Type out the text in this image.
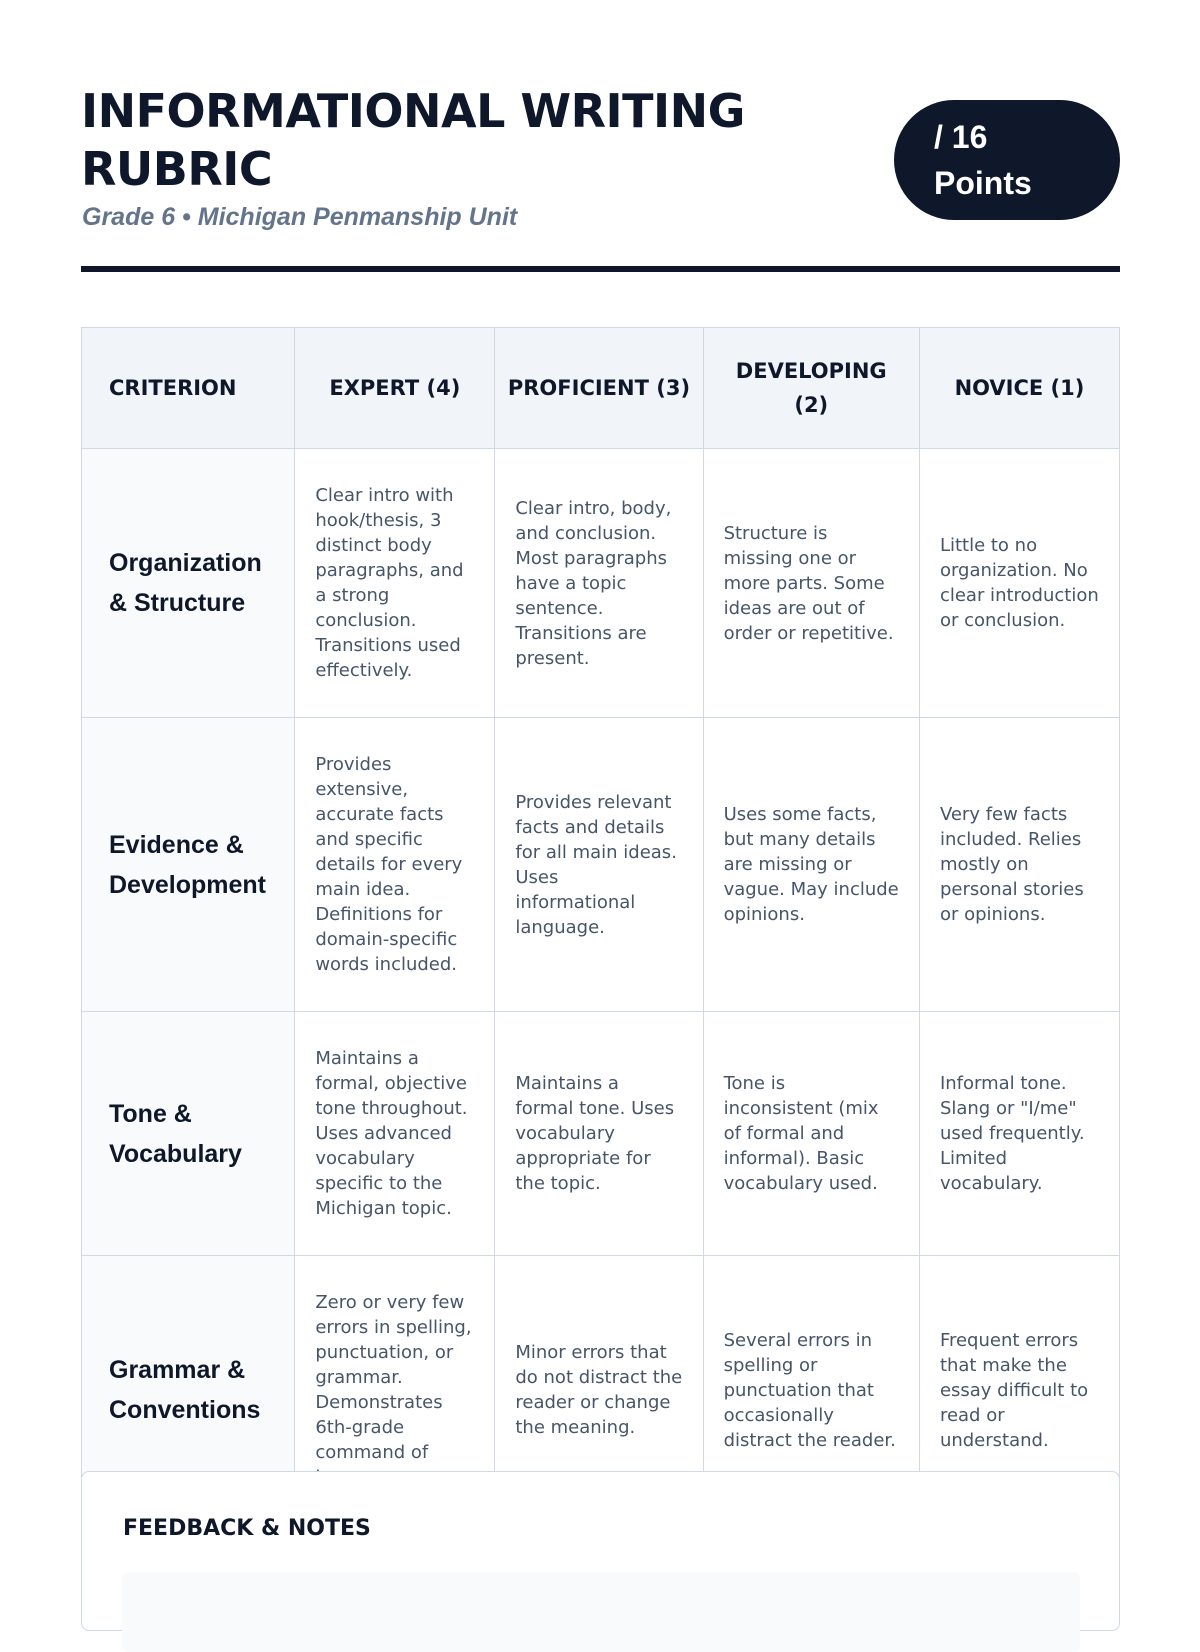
INFORMATIONAL WRITING RUBRIC
Grade 6 • Michigan Penmanship Unit
/ 16
Points
CRITERION	EXPERT (4)	PROFICIENT (3)	DEVELOPING (2)	NOVICE (1)
Organization & Structure	Clear intro with hook/thesis, 3 distinct body paragraphs, and a strong conclusion. Transitions used effectively.	Clear intro, body, and conclusion. Most paragraphs have a topic sentence. Transitions are present.	Structure is missing one or more parts. Some ideas are out of order or repetitive.	Little to no organization. No clear introduction or conclusion.
Evidence & Development	Provides extensive, accurate facts and specific details for every main idea. Definitions for domain-specific words included.	Provides relevant facts and details for all main ideas. Uses informational language.	Uses some facts, but many details are missing or vague. May include opinions.	Very few facts included. Relies mostly on personal stories or opinions.
Tone & Vocabulary	Maintains a formal, objective tone throughout. Uses advanced vocabulary specific to the Michigan topic.	Maintains a formal tone. Uses vocabulary appropriate for the topic.	Tone is inconsistent (mix of formal and informal). Basic vocabulary used.	Informal tone. Slang or "I/me" used frequently. Limited vocabulary.
Grammar & Conventions	Zero or very few errors in spelling, punctuation, or grammar. Demonstrates 6th-grade command of	Minor errors that do not distract the reader or change the meaning.	Several errors in spelling or punctuation that occasionally distract the reader.	Frequent errors that make the essay difficult to read or understand.
FEEDBACK & NOTES
